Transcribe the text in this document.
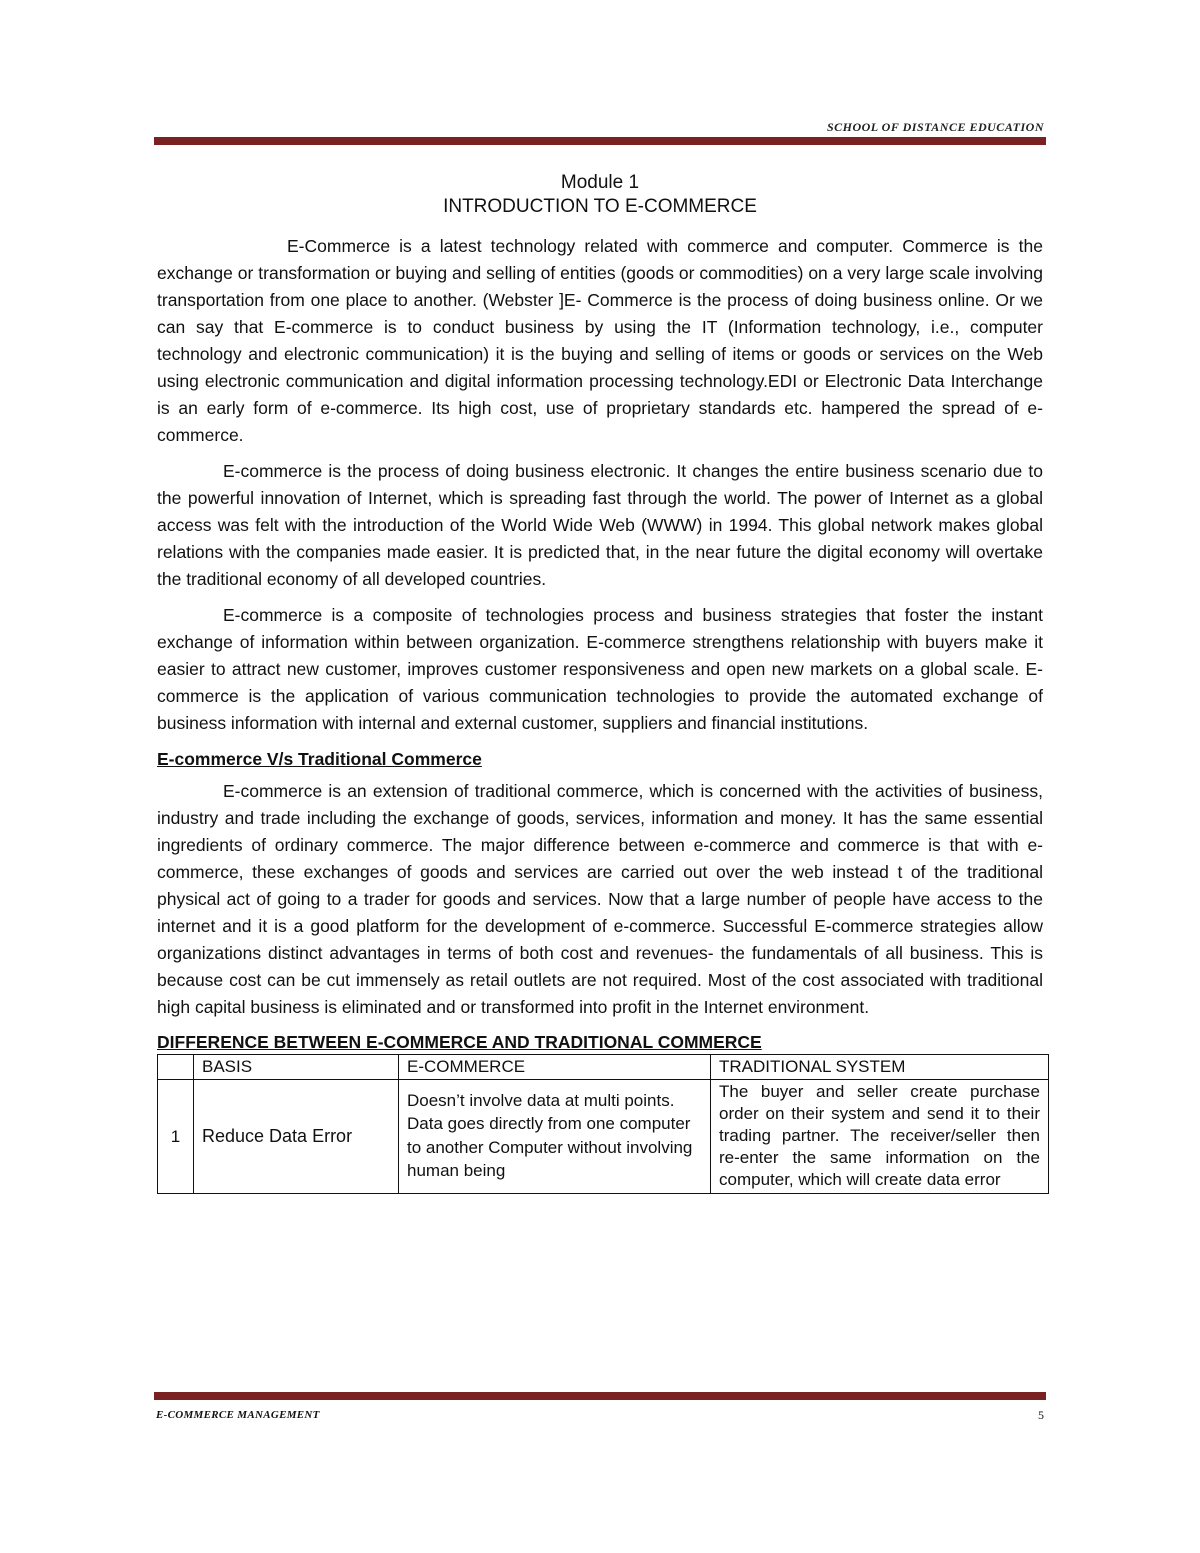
SCHOOL OF DISTANCE EDUCATION

Module 1

INTRODUCTION TO E-COMMERCE

E-Commerce is a latest technology related with commerce and computer. Commerce is the exchange or transformation or buying and selling of entities (goods or commodities) on a very large scale involving transportation from one place to another. (Webster ]E- Commerce is the process of doing business online. Or we can say that E-commerce is to conduct business by using the IT (Information technology, i.e., computer technology and electronic communication) it is the buying and selling of items or goods or services on the Web using electronic communication and digital information processing technology.EDI or Electronic Data Interchange is an early form of e-commerce. Its high cost, use of proprietary standards etc. hampered the spread of e-commerce.

E-commerce is the process of doing business electronic. It changes the entire business scenario due to the powerful innovation of Internet, which is spreading fast through the world. The power of Internet as a global access was felt with the introduction of the World Wide Web (WWW) in 1994. This global network makes global relations with the companies made easier. It is predicted that, in the near future the digital economy will overtake the traditional economy of all developed countries.

E-commerce is a composite of technologies process and business strategies that foster the instant exchange of information within between organization. E-commerce strengthens relationship with buyers make it easier to attract new customer, improves customer responsiveness and open new markets on a global scale. E-commerce is the application of various communication technologies to provide the automated exchange of business information with internal and external customer, suppliers and financial institutions.

E-commerce V/s Traditional Commerce

E-commerce is an extension of traditional commerce, which is concerned with the activities of business, industry and trade including the exchange of goods, services, information and money. It has the same essential ingredients of ordinary commerce. The major difference between e-commerce and commerce is that with e-commerce, these exchanges of goods and services are carried out over the web instead t of the traditional physical act of going to a trader for goods and services. Now that a large number of people have access to the internet and it is a good platform for the development of e-commerce. Successful E-commerce strategies allow organizations distinct advantages in terms of both cost and revenues- the fundamentals of all business. This is because cost can be cut immensely as retail outlets are not required. Most of the cost associated with traditional high capital business is eliminated and or transformed into profit in the Internet environment.

DIFFERENCE BETWEEN E-COMMERCE AND TRADITIONAL COMMERCE
	BASIS	E-COMMERCE	TRADITIONAL SYSTEM
1	Reduce Data Error	Doesn’t involve data at multi points. Data goes directly from one computer to another Computer without involving human being	The buyer and seller create purchase order on their system and send it to their trading partner. The receiver/seller then re-enter the same information on the computer, which will create data error
E-COMMERCE MANAGEMENT	5
